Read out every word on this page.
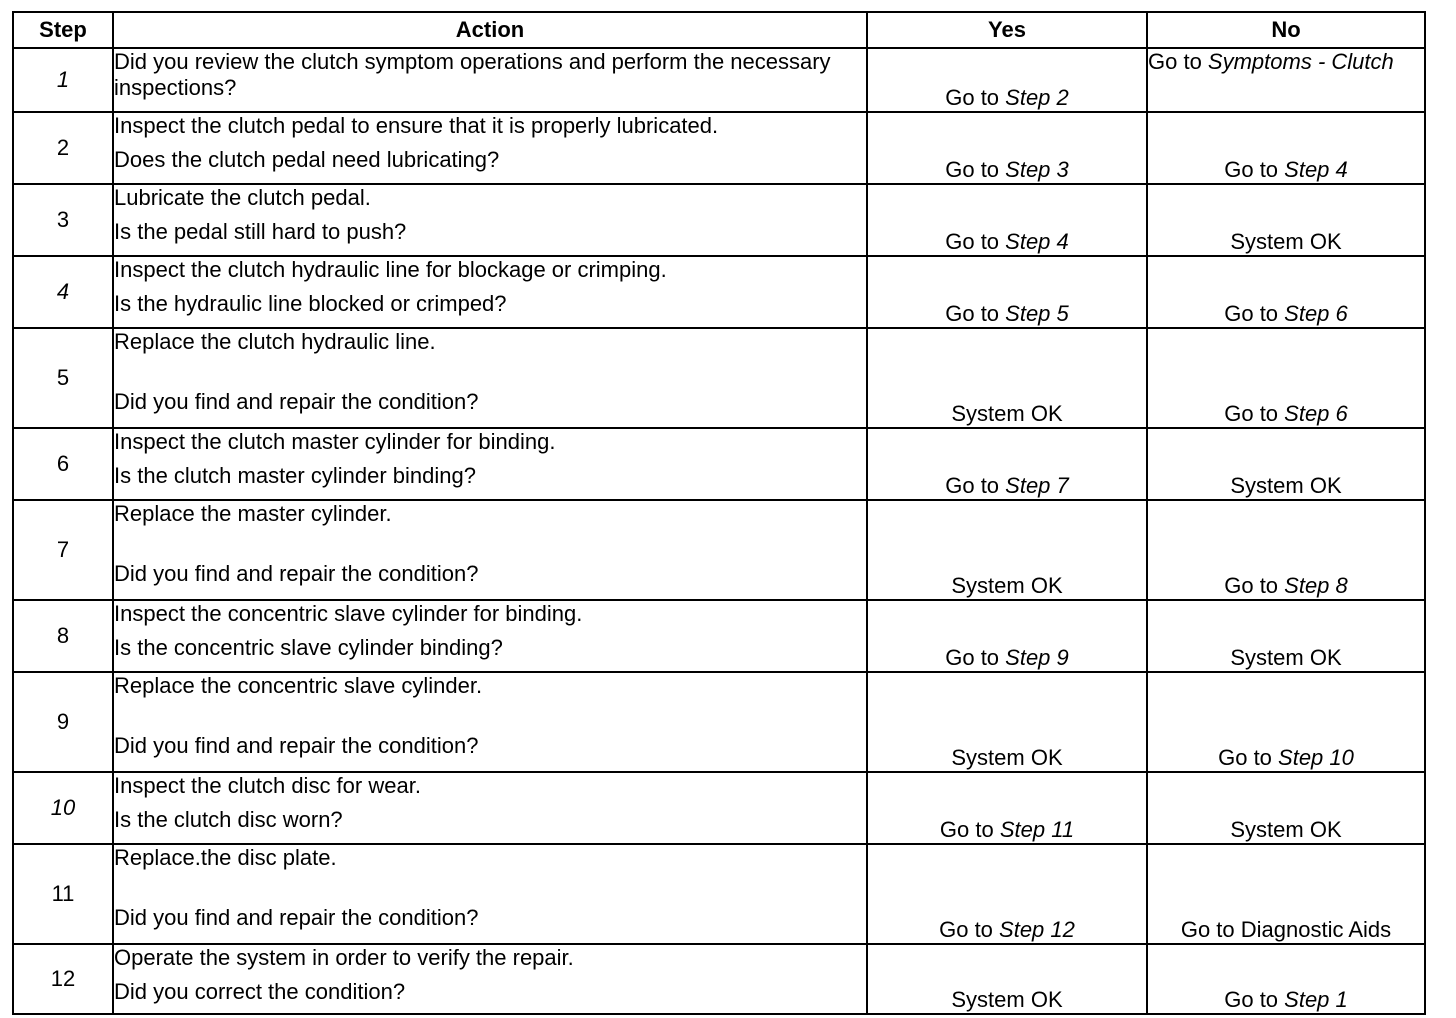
Step	Action	Yes	No
1	Did you review the clutch symptom operations and perform the necessary inspections?	Go to Step 2	Go to Symptoms - Clutch
2	Inspect the clutch pedal to ensure that it is properly lubricated.
Does the clutch pedal need lubricating?	Go to Step 3	Go to Step 4
3	Lubricate the clutch pedal.
Is the pedal still hard to push?	Go to Step 4	System OK
4	Inspect the clutch hydraulic line for blockage or crimping.
Is the hydraulic line blocked or crimped?	Go to Step 5	Go to Step 6
5	Replace the clutch hydraulic line.
Did you find and repair the condition?	System OK	Go to Step 6
6	Inspect the clutch master cylinder for binding.
Is the clutch master cylinder binding?	Go to Step 7	System OK
7	Replace the master cylinder.
Did you find and repair the condition?	System OK	Go to Step 8
8	Inspect the concentric slave cylinder for binding.
Is the concentric slave cylinder binding?	Go to Step 9	System OK
9	Replace the concentric slave cylinder.
Did you find and repair the condition?	System OK	Go to Step 10
10	Inspect the clutch disc for wear.
Is the clutch disc worn?	Go to Step 11	System OK
11	Replace.the disc plate.
Did you find and repair the condition?	Go to Step 12	Go to Diagnostic Aids
12	Operate the system in order to verify the repair.
Did you correct the condition?	System OK	Go to Step 1
